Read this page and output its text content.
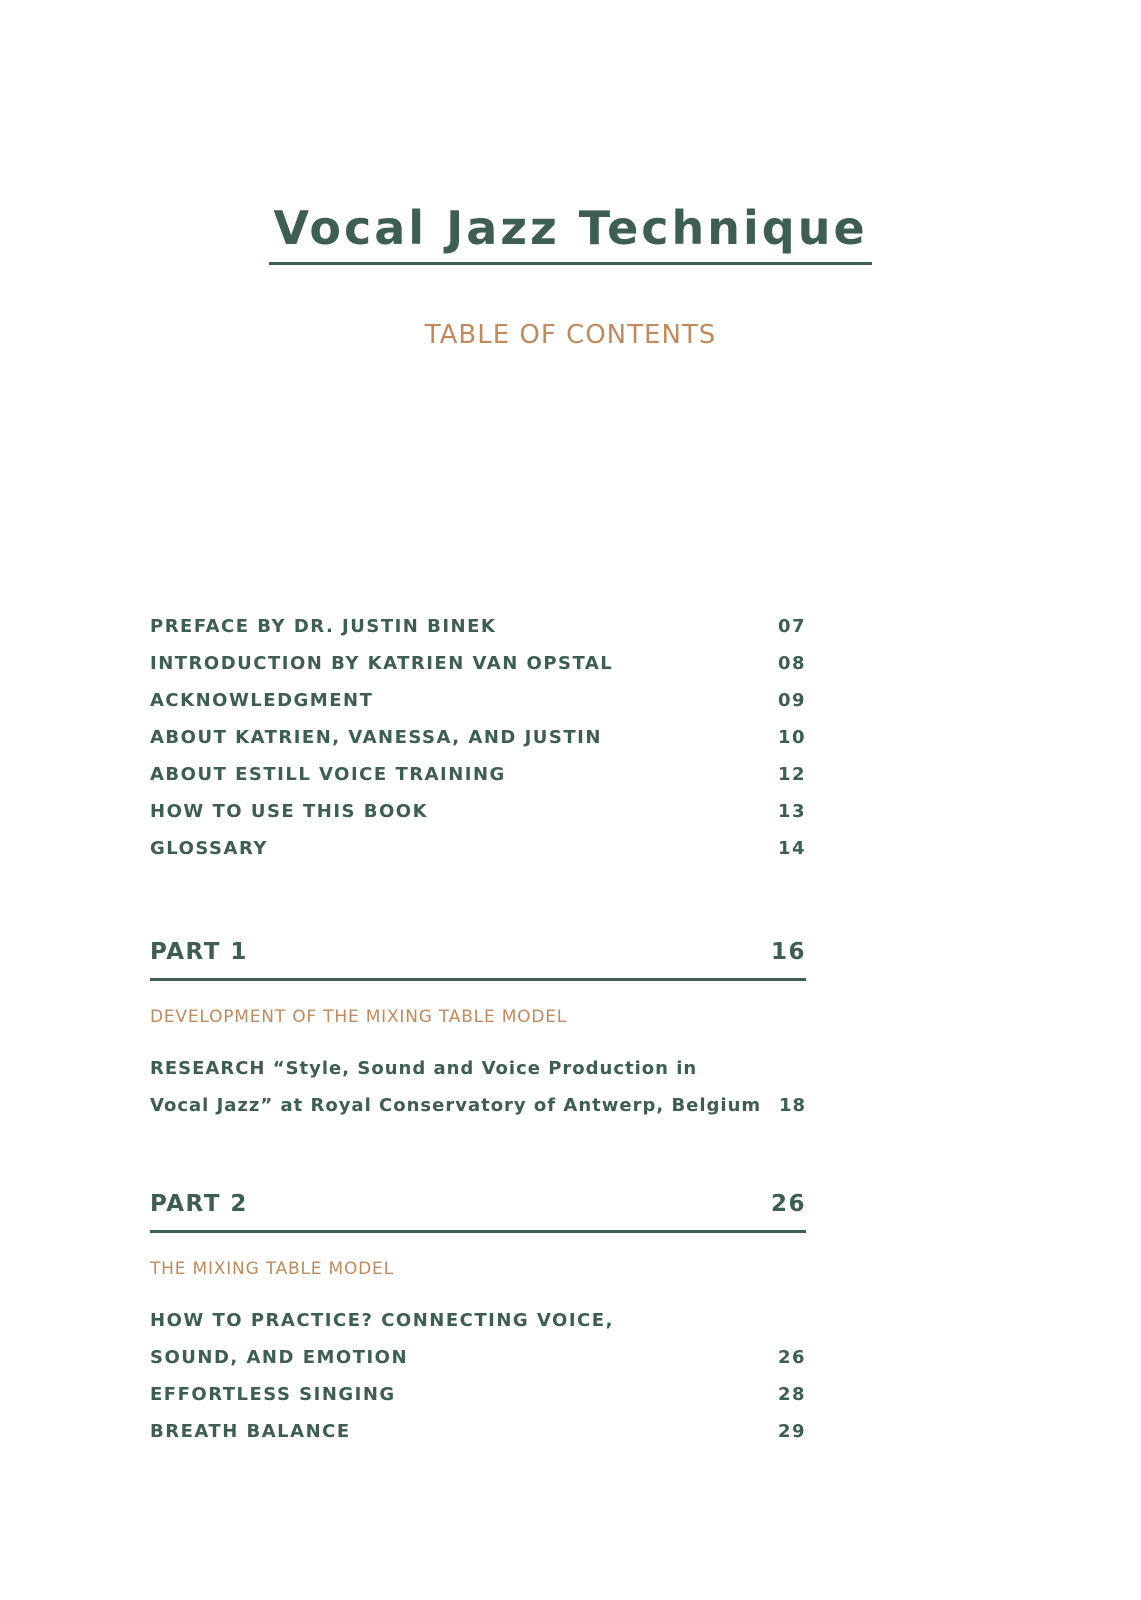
Vocal Jazz Technique
TABLE OF CONTENTS
PREFACE BY DR. JUSTIN BINEK	07
INTRODUCTION BY KATRIEN VAN OPSTAL	08
ACKNOWLEDGMENT	09
ABOUT KATRIEN, VANESSA, AND JUSTIN	10
ABOUT ESTILL VOICE TRAINING	12
HOW TO USE THIS BOOK	13
GLOSSARY	14
PART 1	16
DEVELOPMENT OF THE MIXING TABLE MODEL
RESEARCH “Style, Sound and Voice Production in
Vocal Jazz” at Royal Conservatory of Antwerp, Belgium 18
PART 2	26
THE MIXING TABLE MODEL
HOW TO PRACTICE? CONNECTING VOICE,
SOUND, AND EMOTION	26
EFFORTLESS SINGING	28
BREATH BALANCE	29
